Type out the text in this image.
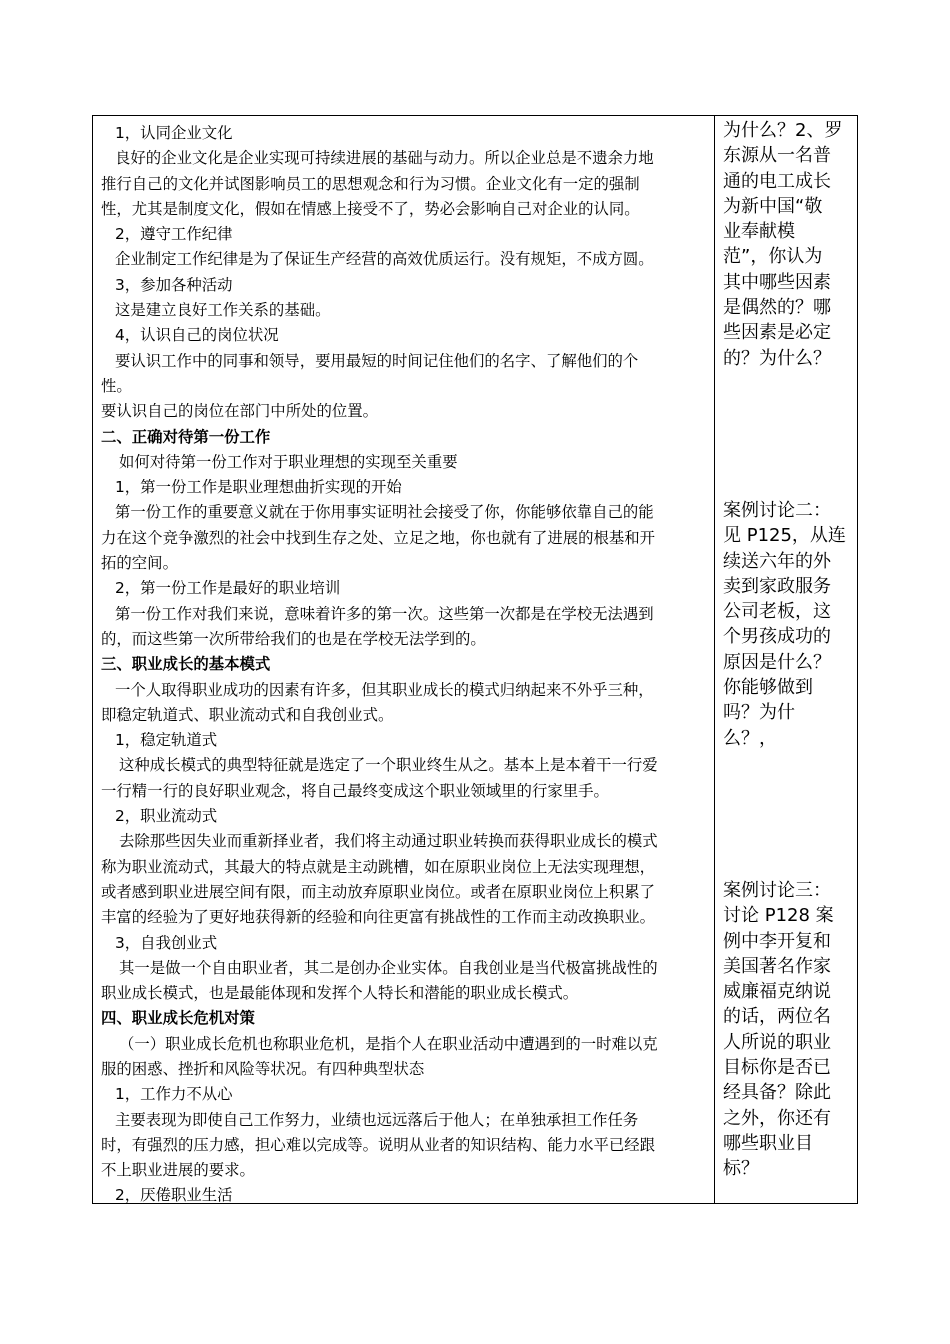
1，认同企业文化
良好的企业文化是企业实现可持续进展的基础与动力。所以企业总是不遗余力地
推行自己的文化并试图影响员工的思想观念和行为习惯。企业文化有一定的强制
性，尤其是制度文化，假如在情感上接受不了，势必会影响自己对企业的认同。
2，遵守工作纪律
企业制定工作纪律是为了保证生产经营的高效优质运行。没有规矩，不成方圆。
3，参加各种活动
这是建立良好工作关系的基础。
4，认识自己的岗位状况
要认识工作中的同事和领导，要用最短的时间记住他们的名字、了解他们的个
性。
要认识自己的岗位在部门中所处的位置。
二、正确对待第一份工作
如何对待第一份工作对于职业理想的实现至关重要
1，第一份工作是职业理想曲折实现的开始
第一份工作的重要意义就在于你用事实证明社会接受了你，你能够依靠自己的能
力在这个竞争激烈的社会中找到生存之处、立足之地，你也就有了进展的根基和开
拓的空间。
2，第一份工作是最好的职业培训
第一份工作对我们来说，意味着许多的第一次。这些第一次都是在学校无法遇到
的，而这些第一次所带给我们的也是在学校无法学到的。
三、职业成长的基本模式
一个人取得职业成功的因素有许多，但其职业成长的模式归纳起来不外乎三种，
即稳定轨道式、职业流动式和自我创业式。
1，稳定轨道式
这种成长模式的典型特征就是选定了一个职业终生从之。基本上是本着干一行爱
一行精一行的良好职业观念，将自己最终变成这个职业领域里的行家里手。
2，职业流动式
去除那些因失业而重新择业者，我们将主动通过职业转换而获得职业成长的模式
称为职业流动式，其最大的特点就是主动跳槽，如在原职业岗位上无法实现理想，
或者感到职业进展空间有限，而主动放弃原职业岗位。或者在原职业岗位上积累了
丰富的经验为了更好地获得新的经验和向往更富有挑战性的工作而主动改换职业。
3，自我创业式
其一是做一个自由职业者，其二是创办企业实体。自我创业是当代极富挑战性的
职业成长模式，也是最能体现和发挥个人特长和潜能的职业成长模式。
四、职业成长危机对策
（一）职业成长危机也称职业危机，是指个人在职业活动中遭遇到的一时难以克
服的困惑、挫折和风险等状况。有四种典型状态
1，工作力不从心
主要表现为即使自己工作努力，业绩也远远落后于他人；在单独承担工作任务
时，有强烈的压力感，担心难以完成等。说明从业者的知识结构、能力水平已经跟
不上职业进展的要求。
2，厌倦职业生活
为什么？2、罗
东源从一名普
通的电工成长
为新中国“敬
业奉献模
范”，你认为
其中哪些因素
是偶然的？哪
些因素是必定
的？为什么？
案例讨论二：
见 P125，从连
续送六年的外
卖到家政服务
公司老板，这
个男孩成功的
原因是什么？
你能够做到
吗？为什
么？，
案例讨论三：
讨论 P128 案
例中李开复和
美国著名作家
威廉福克纳说
的话，两位名
人所说的职业
目标你是否已
经具备？除此
之外，你还有
哪些职业目
标？
